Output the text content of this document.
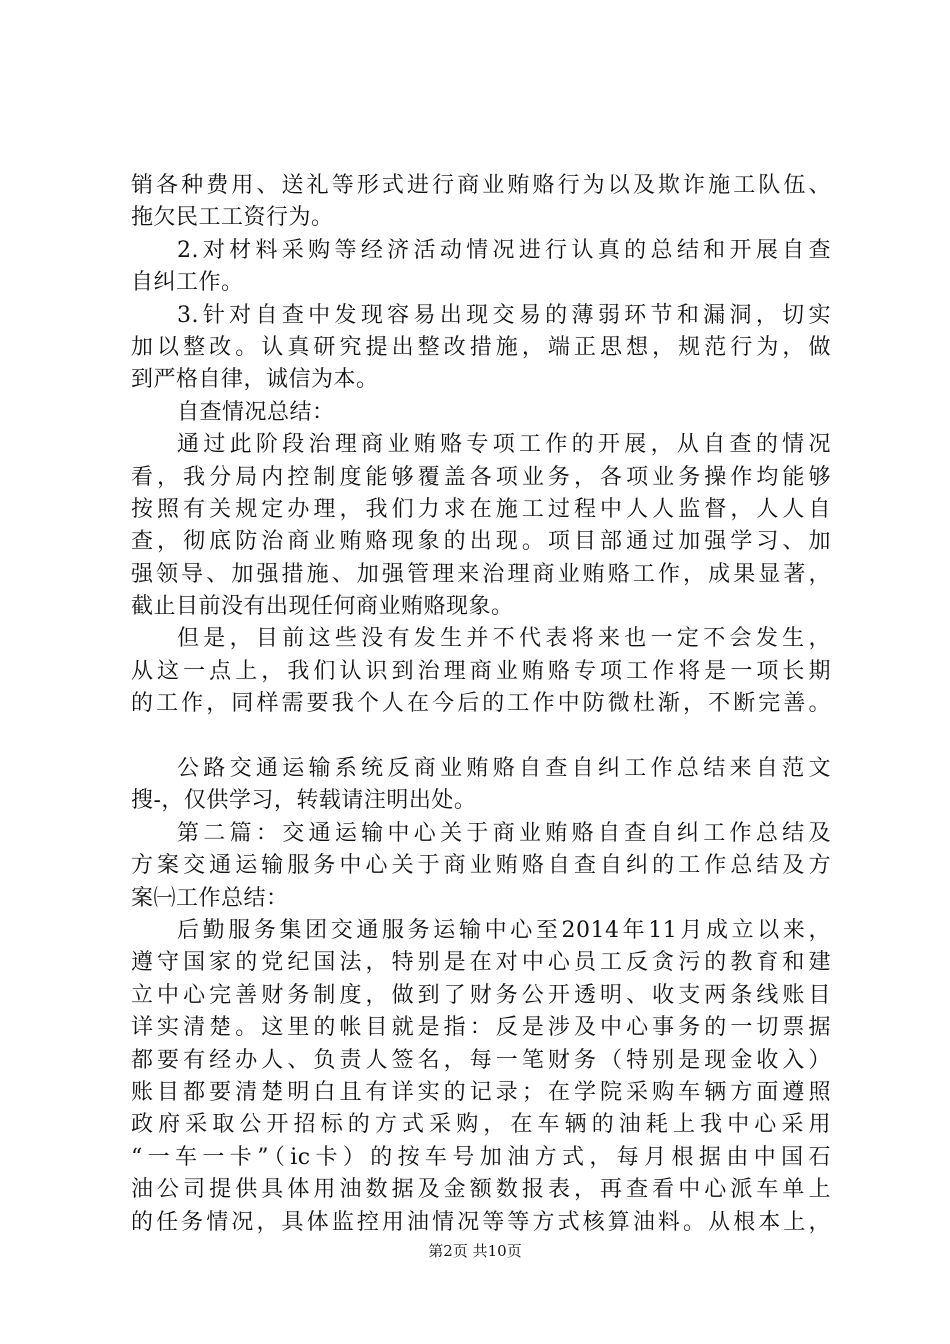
销各种费用、送礼等形式进行商业贿赂行为以及欺诈施工队伍、
拖欠民工工资行为。
2.对材料采购等经济活动情况进行认真的总结和开展自查
自纠工作。
3.针对自查中发现容易出现交易的薄弱环节和漏洞，切实
加以整改。认真研究提出整改措施，端正思想，规范行为，做
到严格自律，诚信为本。
自查情况总结：
通过此阶段治理商业贿赂专项工作的开展，从自查的情况
看，我分局内控制度能够覆盖各项业务，各项业务操作均能够
按照有关规定办理，我们力求在施工过程中人人监督，人人自
查，彻底防治商业贿赂现象的出现。项目部通过加强学习、加
强领导、加强措施、加强管理来治理商业贿赂工作，成果显著，
截止目前没有出现任何商业贿赂现象。
但是，目前这些没有发生并不代表将来也一定不会发生，
从这一点上，我们认识到治理商业贿赂专项工作将是一项长期
的工作，同样需要我个人在今后的工作中防微杜渐，不断完善。
公路交通运输系统反商业贿赂自查自纠工作总结来自范文
搜-，仅供学习，转载请注明出处。
第二篇：交通运输中心关于商业贿赂自查自纠工作总结及
方案交通运输服务中心关于商业贿赂自查自纠的工作总结及方
案㈠工作总结：
后勤服务集团交通服务运输中心至2014年11月成立以来，
遵守国家的党纪国法，特别是在对中心员工反贪污的教育和建
立中心完善财务制度，做到了财务公开透明、收支两条线账目
详实清楚。这里的帐目就是指：反是涉及中心事务的一切票据
都要有经办人、负责人签名，每一笔财务（特别是现金收入）
账目都要清楚明白且有详实的记录；在学院采购车辆方面遵照
政府采取公开招标的方式采购，在车辆的油耗上我中心采用
“一车一卡”（ic卡）的按车号加油方式，每月根据由中国石
油公司提供具体用油数据及金额数报表，再查看中心派车单上
的任务情况，具体监控用油情况等等方式核算油料。从根本上，
第2页 共10页
